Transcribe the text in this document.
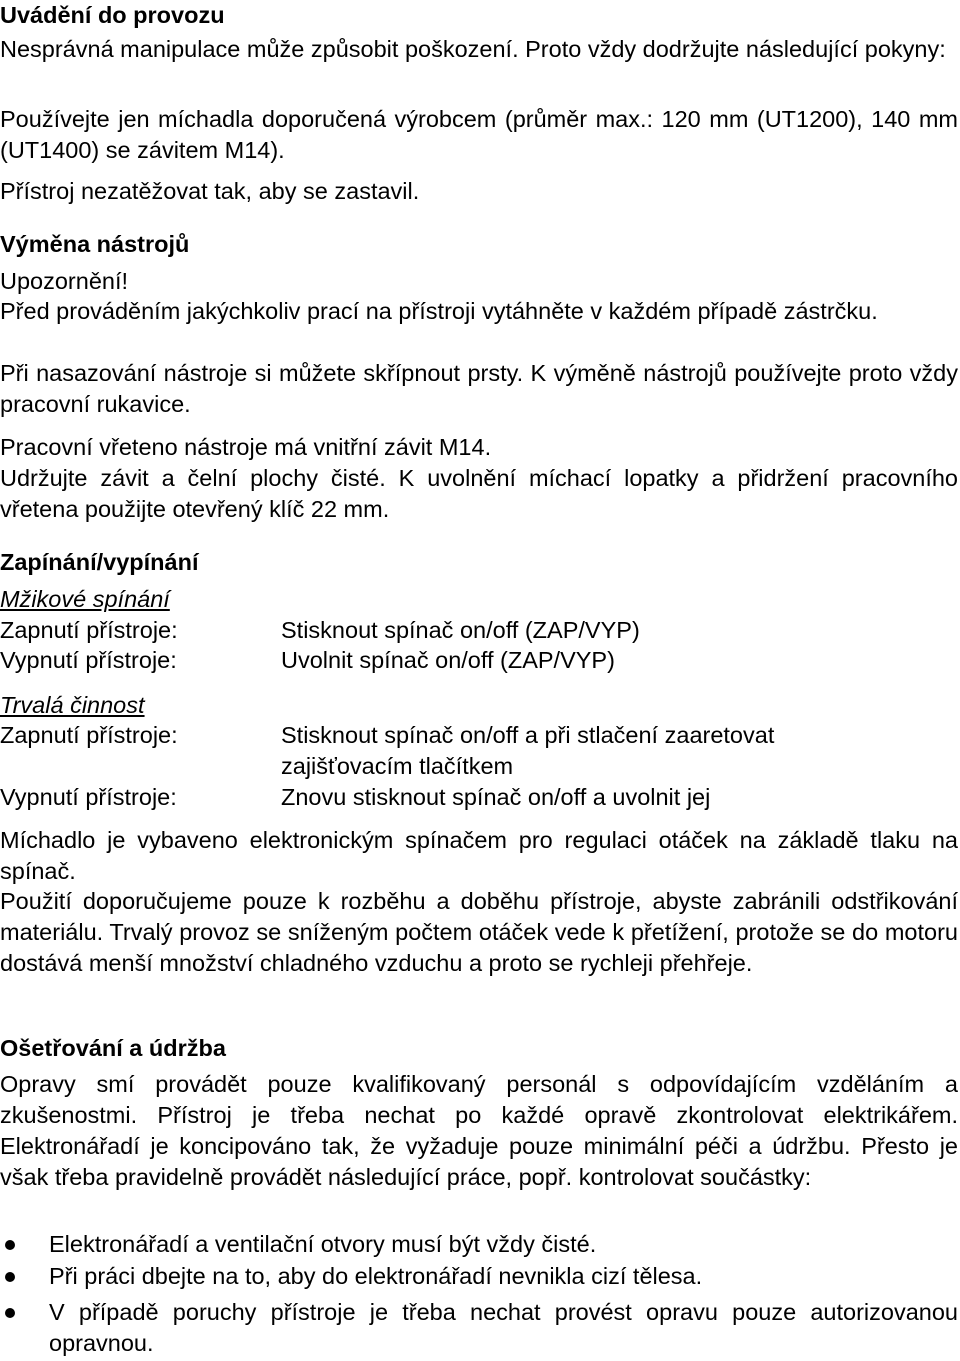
Uvádění do provozu

Nesprávná manipulace může způsobit poškození. Proto vždy dodržujte následující pokyny:

Používejte jen míchadla doporučená výrobcem (průměr max.: 120 mm (UT1200), 140 mm (UT1400) se závitem M14).

Přístroj nezatěžovat tak, aby se zastavil.
Výměna nástrojů
Upozornění!

Před prováděním jakýchkoliv prací na přístroji vytáhněte v každém případě zástrčku.

Při nasazování nástroje si můžete skřípnout prsty. K výměně nástrojů používejte proto vždy pracovní rukavice.

Pracovní vřeteno nástroje má vnitřní závit M14.

Udržujte závit a čelní plochy čisté. K uvolnění míchací lopatky a přidržení pracovního vřetena použijte otevřený klíč 22 mm.

Zapínání/vypínání
Mžikové spínání
Zapnutí přístroje:	Stisknout spínač on/off (ZAP/VYP)
Vypnutí přístroje:	Uvolnit spínač on/off (ZAP/VYP)
Trvalá činnost
Zapnutí přístroje:	Stisknout spínač on/off a při stlačení zaaretovat
zajišťovacím tlačítkem
Vypnutí přístroje:	Znovu stisknout spínač on/off a uvolnit jej

Míchadlo je vybaveno elektronickým spínačem pro regulaci otáček na základě tlaku na spínač.

Použití doporučujeme pouze k rozběhu a doběhu přístroje, abyste zabránili odstřikování materiálu. Trvalý provoz se sníženým počtem otáček vede k přetížení, protože se do motoru dostává menší množství chladného vzduchu a proto se rychleji přehřeje.

Ošetřování a údržba

Opravy smí provádět pouze kvalifikovaný personál s odpovídajícím vzděláním a zkušenostmi. Přístroj je třeba nechat po každé opravě zkontrolovat elektrikářem. Elektronářadí je koncipováno tak, že vyžaduje pouze minimální péči a údržbu. Přesto je však třeba pravidelně provádět následující práce, popř. kontrolovat součástky:

Elektronářadí a ventilační otvory musí být vždy čisté.
Při práci dbejte na to, aby do elektronářadí nevnikla cizí tělesa.
V případě poruchy přístroje je třeba nechat provést opravu pouze autorizovanou opravnou.
